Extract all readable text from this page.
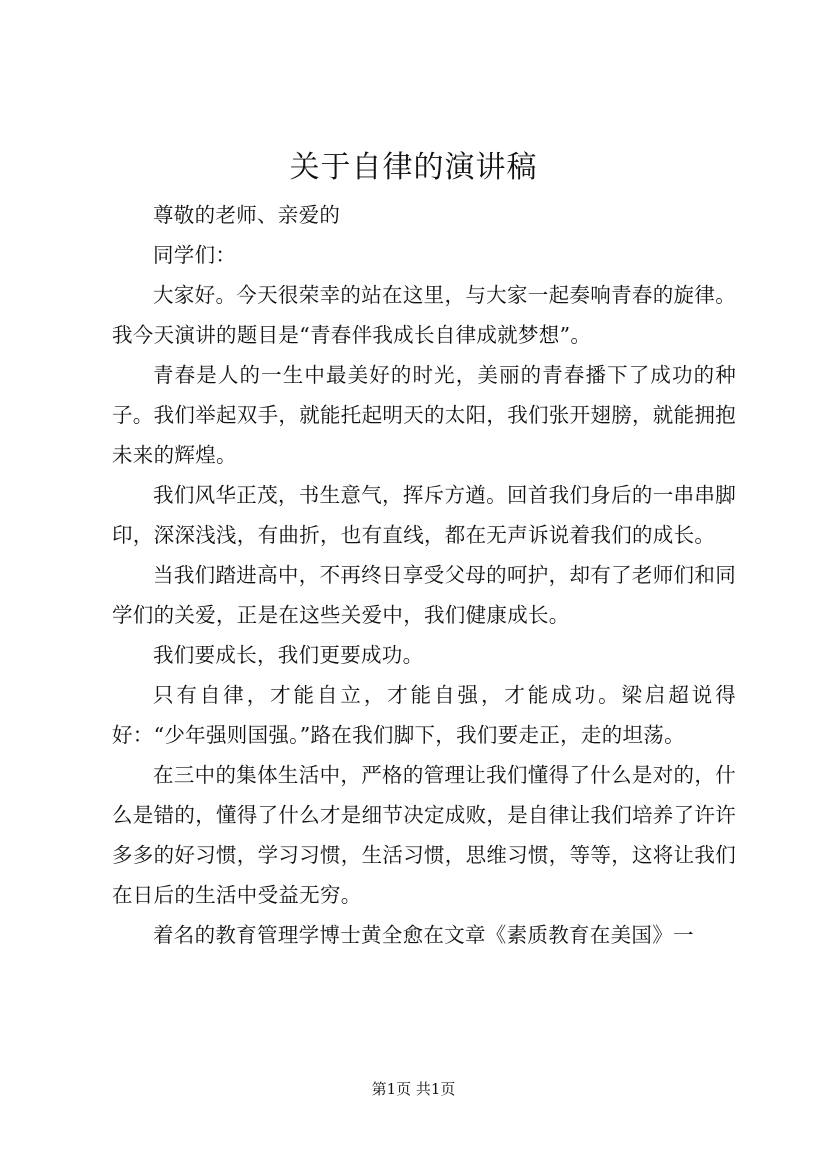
关于自律的演讲稿

尊敬的老师、亲爱的

同学们：

大家好。今天很荣幸的站在这里，与大家一起奏响青春的旋律。我今天演讲的题目是“青春伴我成长自律成就梦想”。

青春是人的一生中最美好的时光，美丽的青春播下了成功的种子。我们举起双手，就能托起明天的太阳，我们张开翅膀，就能拥抱未来的辉煌。

我们风华正茂，书生意气，挥斥方遒。回首我们身后的一串串脚印，深深浅浅，有曲折，也有直线，都在无声诉说着我们的成长。

当我们踏进高中，不再终日享受父母的呵护，却有了老师们和同学们的关爱，正是在这些关爱中，我们健康成长。

我们要成长，我们更要成功。

只有自律，才能自立，才能自强，才能成功。梁启超说得好：“少年强则国强。”路在我们脚下，我们要走正，走的坦荡。

在三中的集体生活中，严格的管理让我们懂得了什么是对的，什么是错的，懂得了什么才是细节决定成败，是自律让我们培养了许许多多的好习惯，学习习惯，生活习惯，思维习惯，等等，这将让我们在日后的生活中受益无穷。

着名的教育管理学博士黄全愈在文章《素质教育在美国》一

第1页 共1页
